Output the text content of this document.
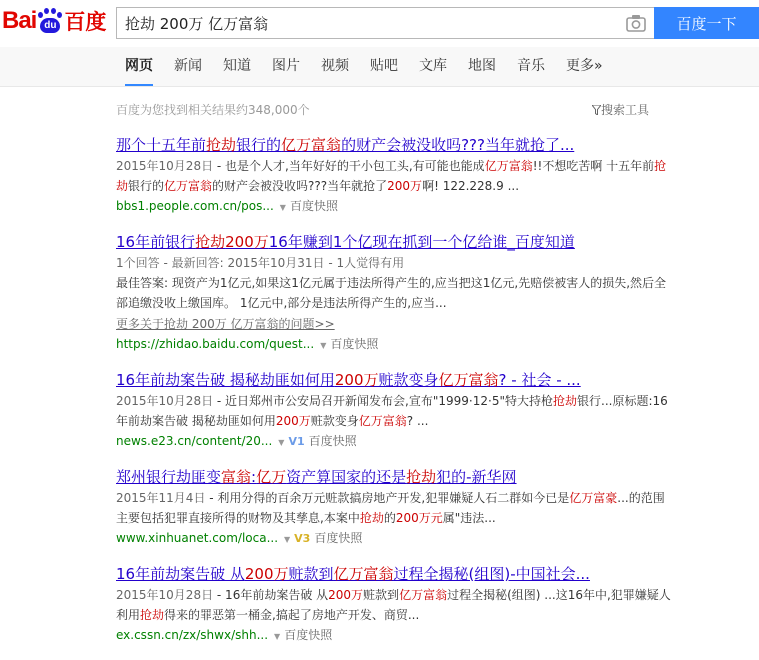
Bai du 百度
抢劫 200万 亿万富翁	百度一下
网页 新闻 知道 图片 视频 贴吧 文库 地图 音乐 更多»
百度为您找到相关结果约348,000个	搜索工具
那个十五年前抢劫银行的亿万富翁的财产会被没收吗???当年就抢了...
2015年10月28日 - 也是个人才,当年好好的干小包工头,有可能也能成亿万富翁!!不想吃苦啊 十五年前抢劫银行的亿万富翁的财产会被没收吗???当年就抢了200万啊! 122.228.9 ...
bbs1.people.com.cn/pos... ▼ 百度快照
16年前银行抢劫200万16年赚到1个亿现在抓到一个亿给谁_百度知道
1个回答 - 最新回答: 2015年10月31日 - 1人觉得有用
最佳答案: 现资产为1亿元,如果这1亿元属于违法所得产生的,应当把这1亿元,先赔偿被害人的损失,然后全部追缴没收上缴国库。 1亿元中,部分是违法所得产生的,应当...
更多关于抢劫 200万 亿万富翁的问题>>
https://zhidao.baidu.com/quest... ▼ 百度快照
16年前劫案告破 揭秘劫匪如何用200万赃款变身亿万富翁? - 社会 - ...
2015年10月28日 - 近日郑州市公安局召开新闻发布会,宣布"1999·12·5"特大持枪抢劫银行...原标题:16年前劫案告破 揭秘劫匪如何用200万赃款变身亿万富翁? ...
news.e23.cn/content/20... ▼ V1 百度快照
郑州银行劫匪变富翁:亿万资产算国家的还是抢劫犯的-新华网
2015年11月4日 - 利用分得的百余万元赃款搞房地产开发,犯罪嫌疑人石二群如今已是亿万富豪...的范围主要包括犯罪直接所得的财物及其孳息,本案中抢劫的200万元属"违法...
www.xinhuanet.com/loca... ▼ V3 百度快照
16年前劫案告破 从200万赃款到亿万富翁过程全揭秘(组图)-中国社会...
2015年10月28日 - 16年前劫案告破 从200万赃款到亿万富翁过程全揭秘(组图) ...这16年中,犯罪嫌疑人利用抢劫得来的罪恶第一桶金,搞起了房地产开发、商贸...
ex.cssn.cn/zx/shwx/shh... ▼ 百度快照
